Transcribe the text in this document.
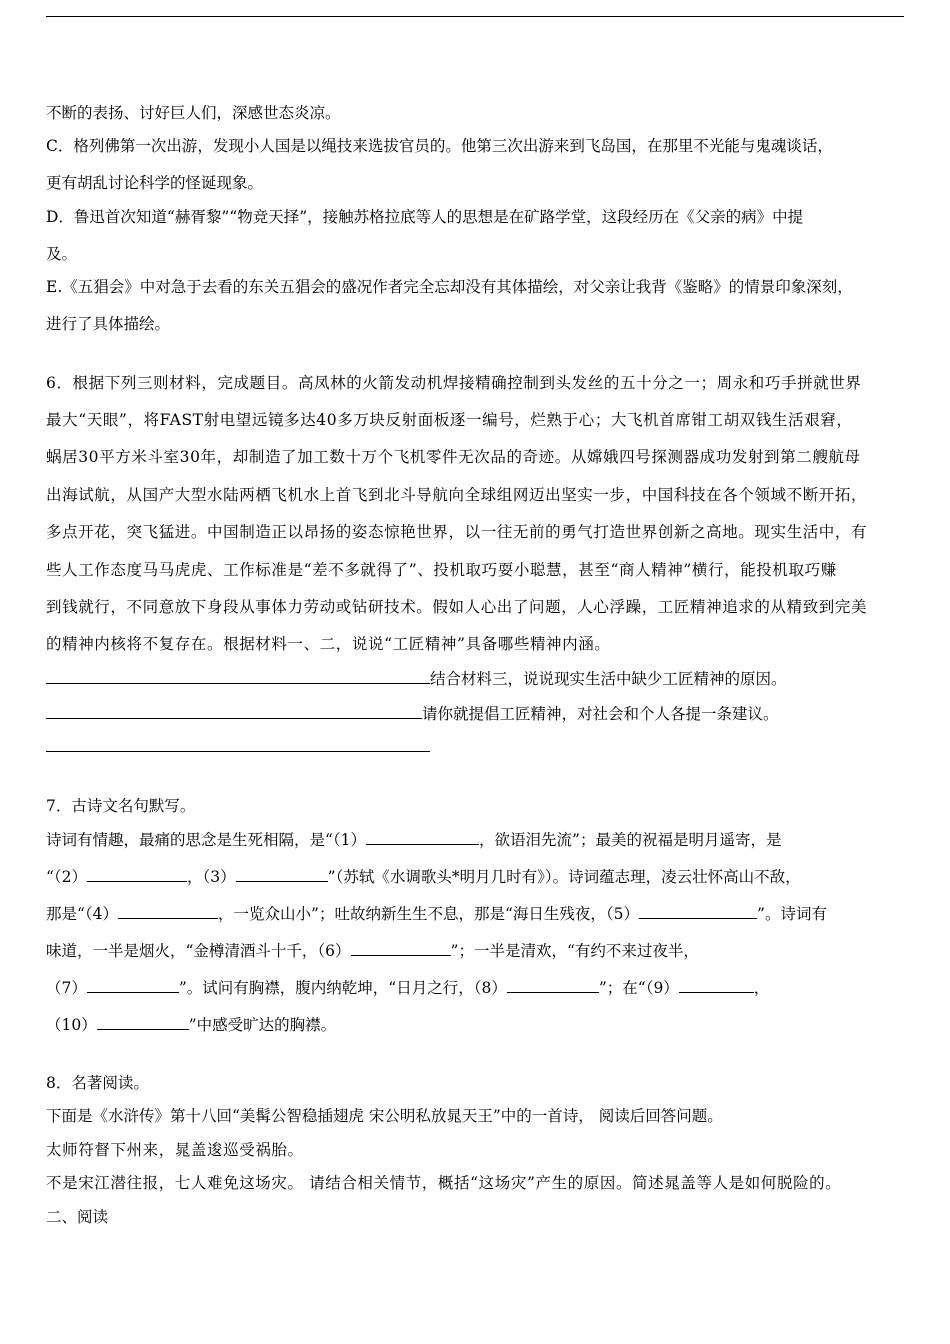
不断的表扬、讨好巨人们，深感世态炎凉。
C．格列佛第一次出游，发现小人国是以绳技来选拔官员的。他第三次出游来到飞岛国，在那里不光能与鬼魂谈话，
更有胡乱讨论科学的怪诞现象。
D．鲁迅首次知道“赫胥黎”“物竞天择”，接触苏格拉底等人的思想是在矿路学堂，这段经历在《父亲的病》中提
及。
E.《五猖会》中对急于去看的东关五猖会的盛况作者完全忘却没有其体描绘，对父亲让我背《鉴略》的情景印象深刻，
进行了具体描绘。
6．根据下列三则材料，完成题目。高凤林的火箭发动机焊接精确控制到头发丝的五十分之一；周永和巧手拼就世界
最大“天眼”，将FAST射电望远镜多达40多万块反射面板逐一编号，烂熟于心；大飞机首席钳工胡双钱生活艰窘，
蜗居30平方米斗室30年，却制造了加工数十万个飞机零件无次品的奇迹。从嫦娥四号探测器成功发射到第二艘航母
出海试航，从国产大型水陆两栖飞机水上首飞到北斗导航向全球组网迈出坚实一步，中国科技在各个领域不断开拓，
多点开花，突飞猛进。中国制造正以昂扬的姿态惊艳世界，以一往无前的勇气打造世界创新之高地。现实生活中，有
些人工作态度马马虎虎、工作标准是“差不多就得了”、投机取巧耍小聪慧，甚至“商人精神”横行，能投机取巧赚
到钱就行，不同意放下身段从事体力劳动或钻研技术。假如人心出了问题，人心浮躁，工匠精神追求的从精致到完美
的精神内核将不复存在。根据材料一、二，说说“工匠精神”具备哪些精神内涵。
结合材料三，说说现实生活中缺少工匠精神的原因。
请你就提倡工匠精神，对社会和个人各提一条建议。
7．古诗文名句默写。
诗词有情趣，最痛的思念是生死相隔，是“（1）	，欲语泪先流”；最美的祝福是明月遥寄，是
“（2）	，（3）	”（苏轼《水调歌头*明月几时有》）。诗词蕴志理，凌云壮怀高山不敌，
那是“（4）	，一览众山小”；吐故纳新生生不息，那是“海日生残夜，（5）	”。诗词有
味道，一半是烟火，“金樽清酒斗十千，（6）	”；一半是清欢，“有约不来过夜半，
（7）	”。试问有胸襟，腹内纳乾坤，“日月之行，（8）	”；在“（9）	，
（10）	”中感受旷达的胸襟。
8．名著阅读。
下面是《水浒传》第十八回“美髯公智稳插翅虎 宋公明私放晁天王”中的一首诗， 阅读后回答问题。
太师符督下州来，晁盖逡巡受祸胎。
不是宋江潜往报，七人难免这场灾。 请结合相关情节，概括“这场灾”产生的原因。简述晁盖等人是如何脱险的。
二、阅读
